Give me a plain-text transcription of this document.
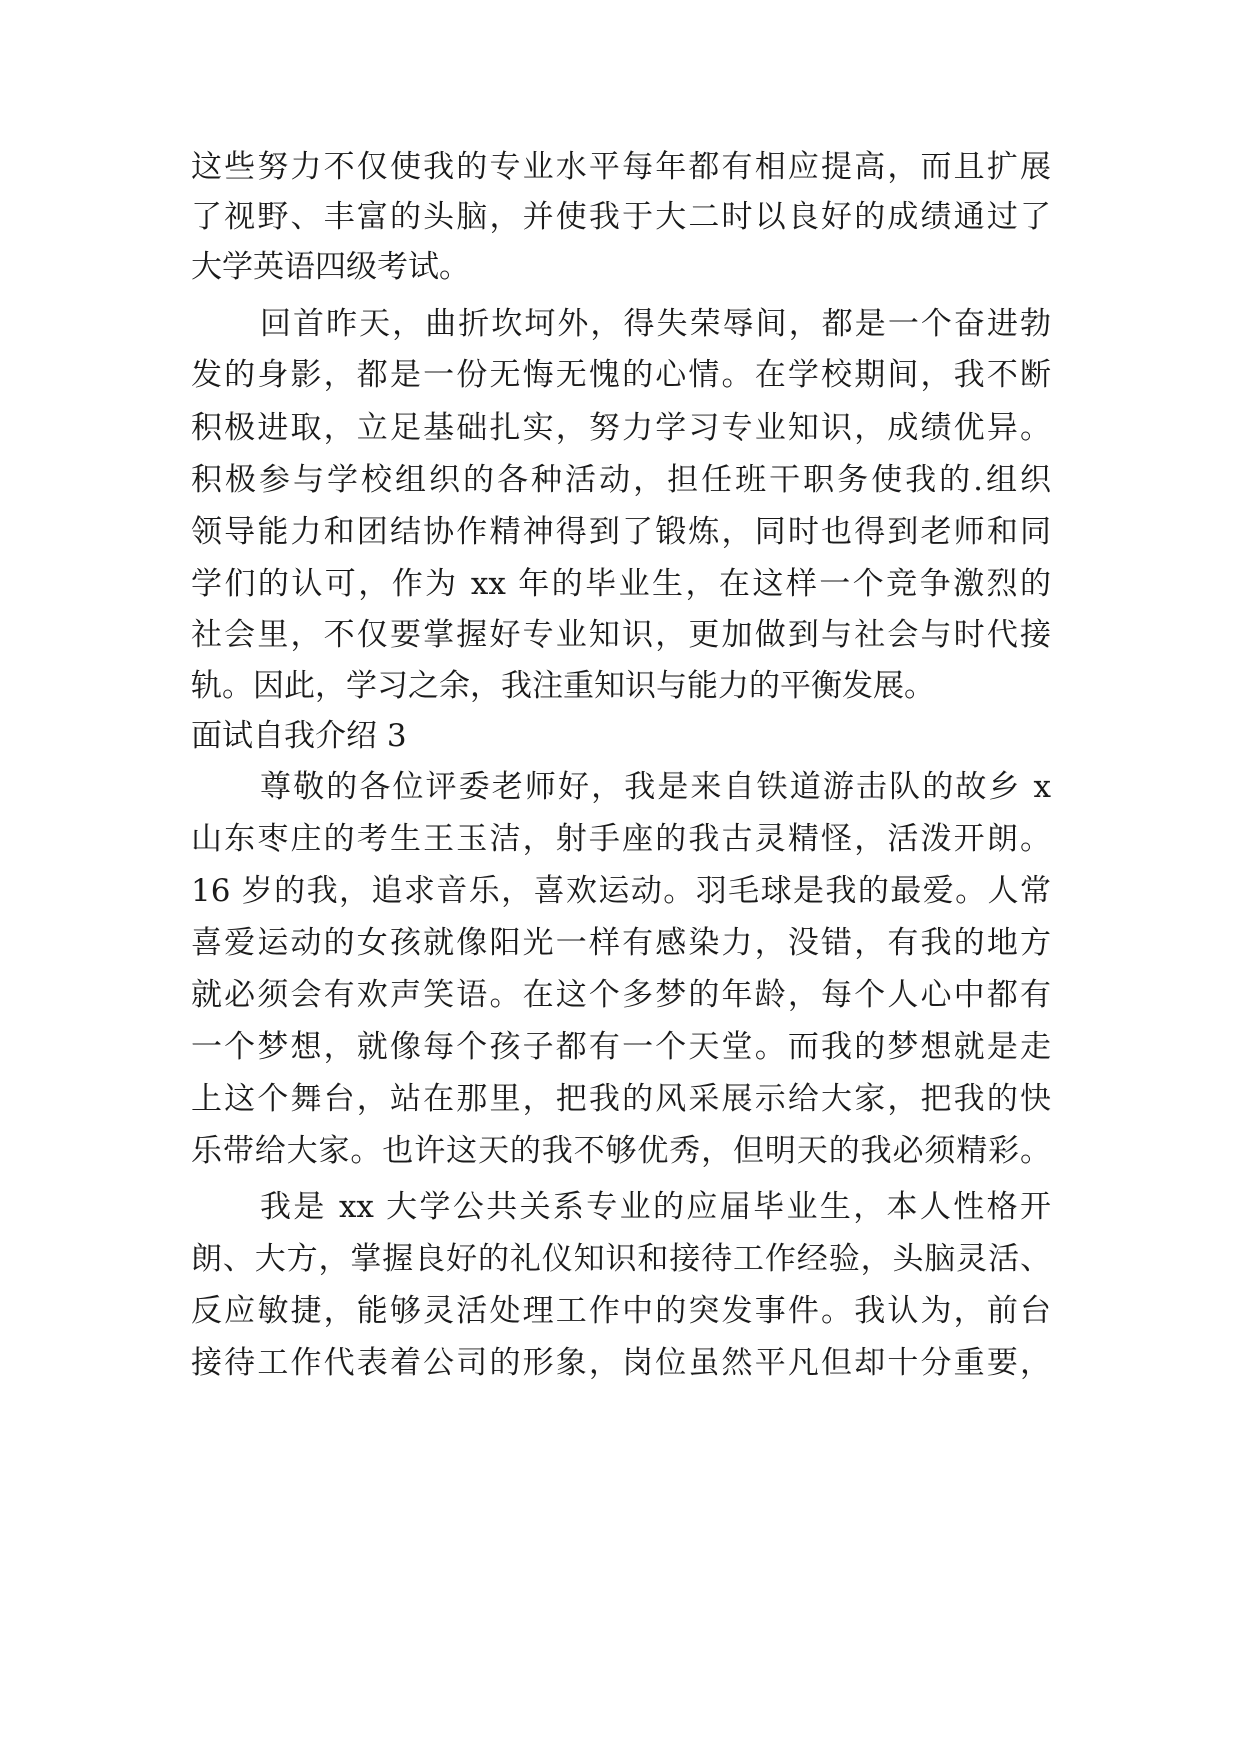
这些努力不仅使我的专业水平每年都有相应提高，而且扩展
了视野、丰富的头脑，并使我于大二时以良好的成绩通过了
大学英语四级考试。
回首昨天，曲折坎坷外，得失荣辱间，都是一个奋进勃
发的身影，都是一份无悔无愧的心情。在学校期间，我不断
积极进取，立足基础扎实，努力学习专业知识，成绩优异。
积极参与学校组织的各种活动，担任班干职务使我的.组织
领导能力和团结协作精神得到了锻炼，同时也得到老师和同
学们的认可，作为 xx 年的毕业生，在这样一个竞争激烈的
社会里，不仅要掌握好专业知识，更加做到与社会与时代接
轨。因此，学习之余，我注重知识与能力的平衡发展。
面试自我介绍 3
尊敬的各位评委老师好，我是来自铁道游击队的故乡 x
山东枣庄的考生王玉洁，射手座的我古灵精怪，活泼开朗。
16 岁的我，追求音乐，喜欢运动。羽毛球是我的最爱。人常
喜爱运动的女孩就像阳光一样有感染力，没错，有我的地方
就必须会有欢声笑语。在这个多梦的年龄，每个人心中都有
一个梦想，就像每个孩子都有一个天堂。而我的梦想就是走
上这个舞台，站在那里，把我的风采展示给大家，把我的快
乐带给大家。也许这天的我不够优秀，但明天的我必须精彩。
我是 xx 大学公共关系专业的应届毕业生，本人性格开
朗、大方，掌握良好的礼仪知识和接待工作经验，头脑灵活、
反应敏捷，能够灵活处理工作中的突发事件。我认为，前台
接待工作代表着公司的形象，岗位虽然平凡但却十分重要，
